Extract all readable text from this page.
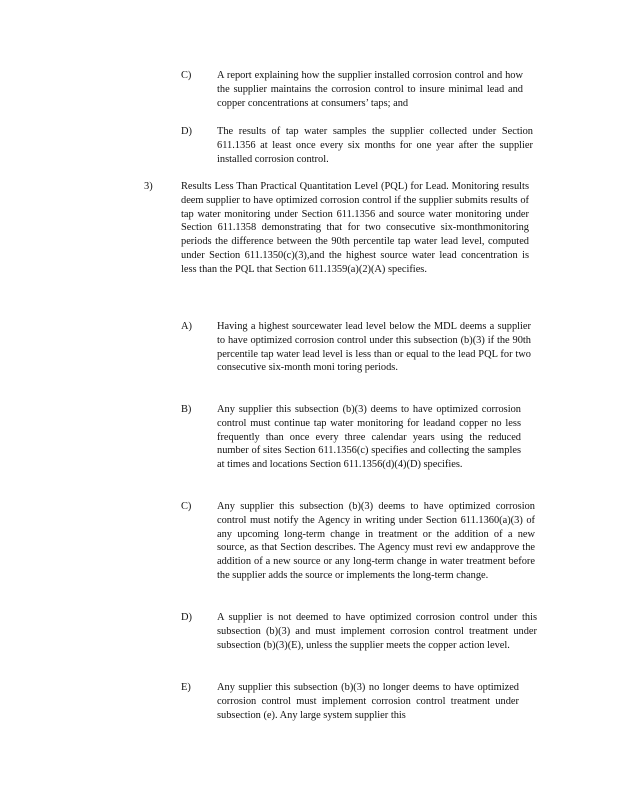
C) A report explaining how the supplier installed corrosion control and how the supplier maintains the corrosion control to insure minimal lead and copper concentrations at consumers’ taps; and
D) The results of tap water samples the supplier collected under Section 611.1356 at least once every six months for one year after the supplier installed corrosion control.
3)	Results Less Than Practical Quantitation Level (PQL) for Lead. Monitoring results deem supplier to have optimized corrosion control if the supplier submits results of tap water monitoring under Section 611.1356 and source water monitoring under Section 611.1358 demonstrating that for two consecutive six-monthmonitoring periods the difference between the 90th percentile tap water lead level, computed under Section 611.1350(c)(3),and the highest source water lead concentration is less than the PQL that Section 611.1359(a)(2)(A) specifies.
A) Having a highest sourcewater lead level below the MDL deems a supplier to have optimized corrosion control under this subsection (b)(3) if the 90th percentile tap water lead level is less than or equal to the lead PQL for two consecutive six-month moni toring periods.
B) Any supplier this subsection (b)(3) deems to have optimized corrosion control must continue tap water monitoring for leadand copper no less frequently than once every three calendar years using the reduced number of sites Section 611.1356(c) specifies and collecting the samples at times and locations Section 611.1356(d)(4)(D) specifies.
C) Any supplier this subsection (b)(3) deems to have optimized corrosion control must notify the Agency in writing under Section 611.1360(a)(3) of any upcoming long-term change in treatment or the addition of a new source, as that Section describes. The Agency must revi ew andapprove the addition of a new source or any long-term change in water treatment before the supplier adds the source or implements the long-term change.
D) A supplier is not deemed to have optimized corrosion control under this subsection (b)(3) and must implement corrosion control treatment under subsection (b)(3)(E), unless the supplier meets the copper action level.
E)	Any supplier this subsection (b)(3) no longer deems to have optimized corrosion control must implement corrosion control treatment under subsection (e). Any large system supplier this
